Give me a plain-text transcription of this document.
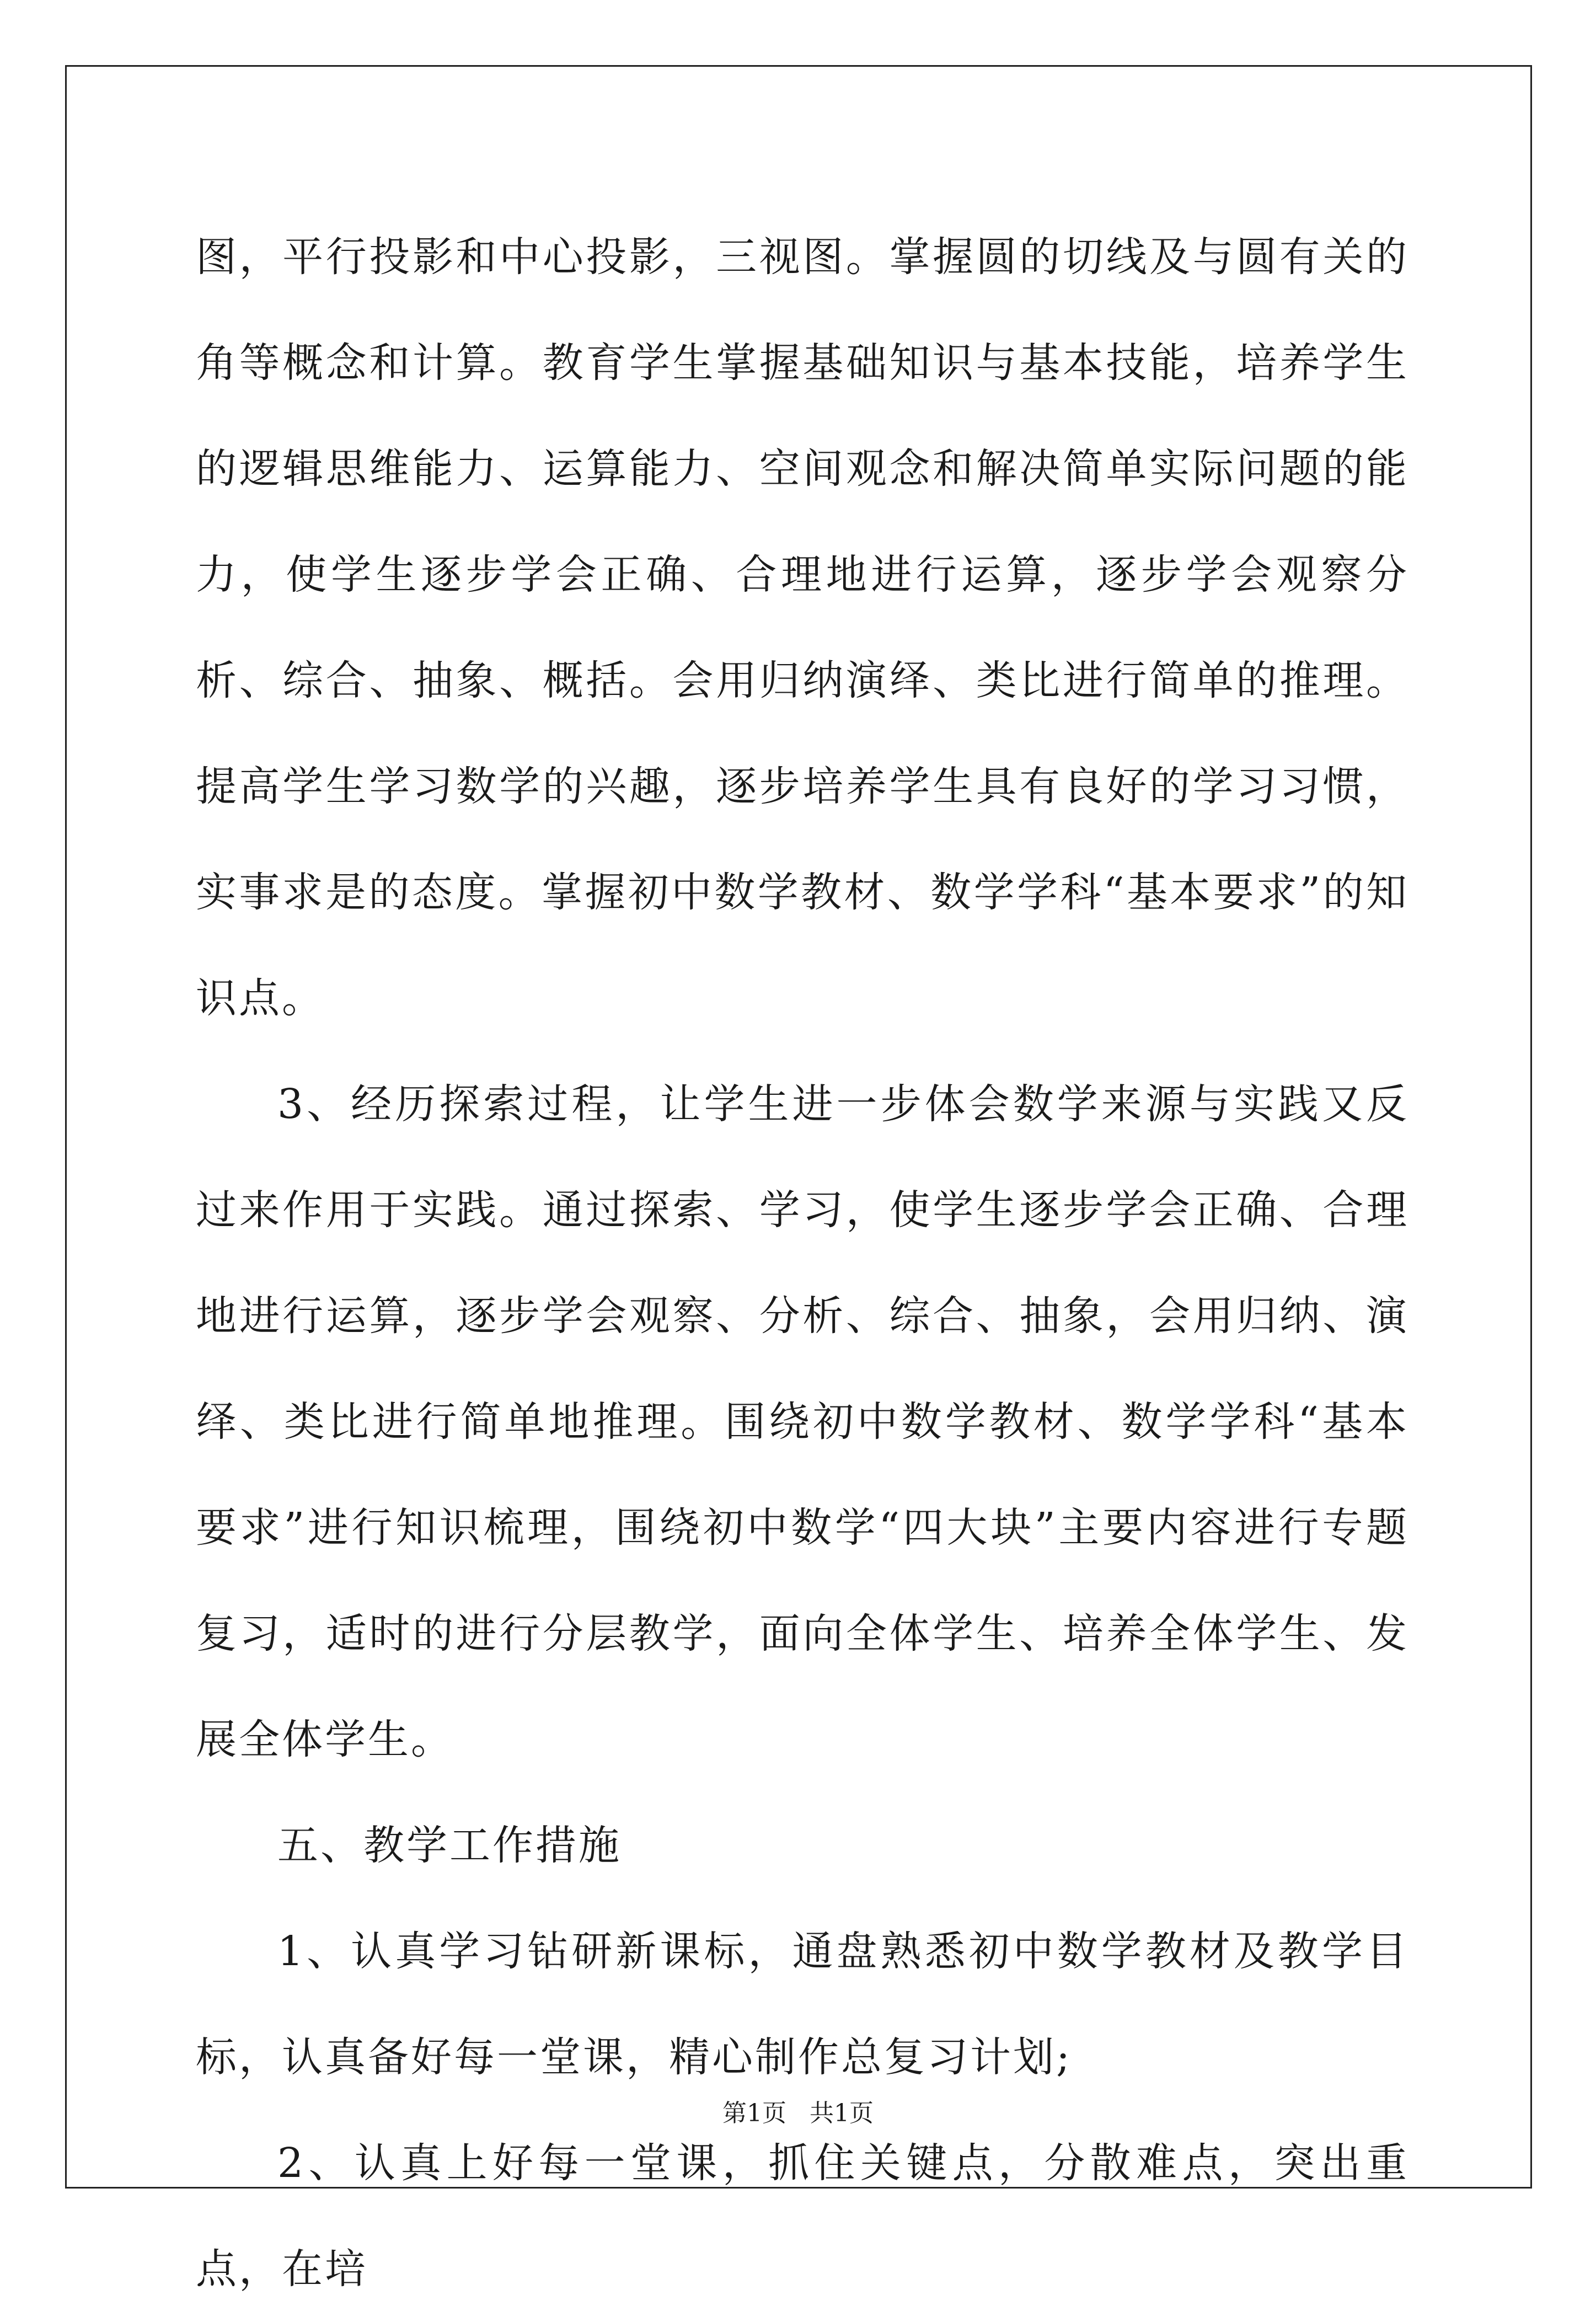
图，平行投影和中心投影，三视图。掌握圆的切线及与圆有关的角等概念和计算。教育学生掌握基础知识与基本技能，培养学生的逻辑思维能力、运算能力、空间观念和解决简单实际问题的能力，使学生逐步学会正确、合理地进行运算，逐步学会观察分析、综合、抽象、概括。会用归纳演绎、类比进行简单的推理。提高学生学习数学的兴趣，逐步培养学生具有良好的学习习惯，实事求是的态度。掌握初中数学教材、数学学科“基本要求”的知识点。

3、经历探索过程，让学生进一步体会数学来源与实践又反过来作用于实践。通过探索、学习，使学生逐步学会正确、合理地进行运算，逐步学会观察、分析、综合、抽象，会用归纳、演绎、类比进行简单地推理。围绕初中数学教材、数学学科“基本要求”进行知识梳理，围绕初中数学“四大块”主要内容进行专题复习，适时的进行分层教学，面向全体学生、培养全体学生、发展全体学生。

五、教学工作措施

1、认真学习钻研新课标，通盘熟悉初中数学教材及教学目标，认真备好每一堂课，精心制作总复习计划;

2、认真上好每一堂课，抓住关键点，分散难点，突出重点，在培

第1页   共1页
